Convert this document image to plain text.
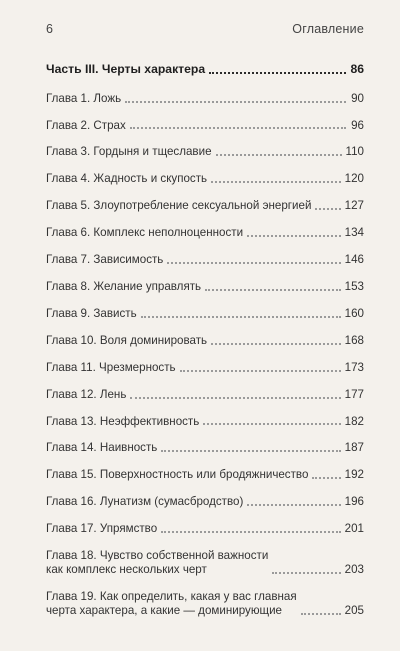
6	Оглавление
Часть III. Черты характера	86
Глава 1. Ложь	90
Глава 2. Страх	96
Глава 3. Гордыня и тщеславие	110
Глава 4. Жадность и скупость	120
Глава 5. Злоупотребление сексуальной энергией	127
Глава 6. Комплекс неполноценности	134
Глава 7. Зависимость	146
Глава 8. Желание управлять	153
Глава 9. Зависть	160
Глава 10. Воля доминировать	168
Глава 11. Чрезмерность	173
Глава 12. Лень	177
Глава 13. Неэффективность	182
Глава 14. Наивность	187
Глава 15. Поверхностность или бродяжничество	192
Глава 16. Лунатизм (сумасбродство)	196
Глава 17. Упрямство	201
Глава 18. Чувство собственной важности
как комплекс нескольких черт	203
Глава 19. Как определить, какая у вас главная
черта характера, а какие — доминирующие	205
